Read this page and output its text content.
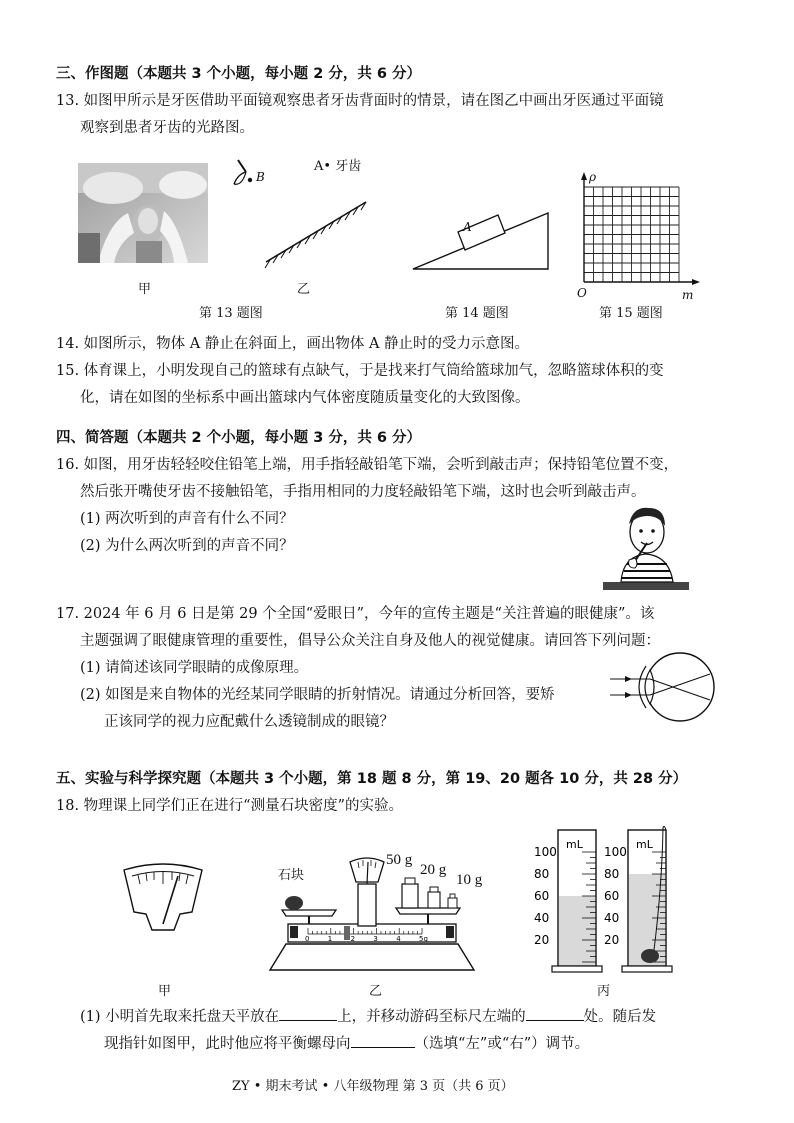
三、作图题（本题共 3 个小题，每小题 2 分，共 6 分）
13. 如图甲所示是牙医借助平面镜观察患者牙齿背面时的情景，请在图乙中画出牙医通过平面镜
观察到患者牙齿的光路图。
甲
B
A• 牙齿
乙
第 13 题图
A
第 14 题图
ρ
m
O
第 15 题图
14. 如图所示，物体 A 静止在斜面上，画出物体 A 静止时的受力示意图。
15. 体育课上，小明发现自己的篮球有点缺气，于是找来打气筒给篮球加气，忽略篮球体积的变
化，请在如图的坐标系中画出篮球内气体密度随质量变化的大致图像。
四、简答题（本题共 2 个小题，每小题 3 分，共 6 分）
16. 如图，用牙齿轻轻咬住铅笔上端，用手指轻敲铅笔下端，会听到敲击声；保持铅笔位置不变，
然后张开嘴使牙齿不接触铅笔，手指用相同的力度轻敲铅笔下端，这时也会听到敲击声。
(1) 两次听到的声音有什么不同？
(2) 为什么两次听到的声音不同？
17. 2024 年 6 月 6 日是第 29 个全国“爱眼日”，今年的宣传主题是“关注普遍的眼健康”。该
主题强调了眼健康管理的重要性，倡导公众关注自身及他人的视觉健康。请回答下列问题：
(1) 请简述该同学眼睛的成像原理。
(2) 如图是来自物体的光经某同学眼睛的折射情况。请通过分析回答，要矫
正该同学的视力应配戴什么透镜制成的眼镜？
五、实验与科学探究题（本题共 3 个小题，第 18 题 8 分，第 19、20 题各 10 分，共 28 分）
18. 物理课上同学们正在进行“测量石块密度”的实验。
甲
0	1	2	3	4	5g
石块
50 g
20 g
10 g
乙
mL	mL
100
80
60
40
20
100
80
60
40
20
丙
(1) 小明首先取来托盘天平放在	上，并移动游码至标尺左端的	处。随后发
现指针如图甲，此时他应将平衡螺母向	（选填“左”或“右”）调节。
ZY • 期末考试 • 八年级物理 第 3 页（共 6 页）
